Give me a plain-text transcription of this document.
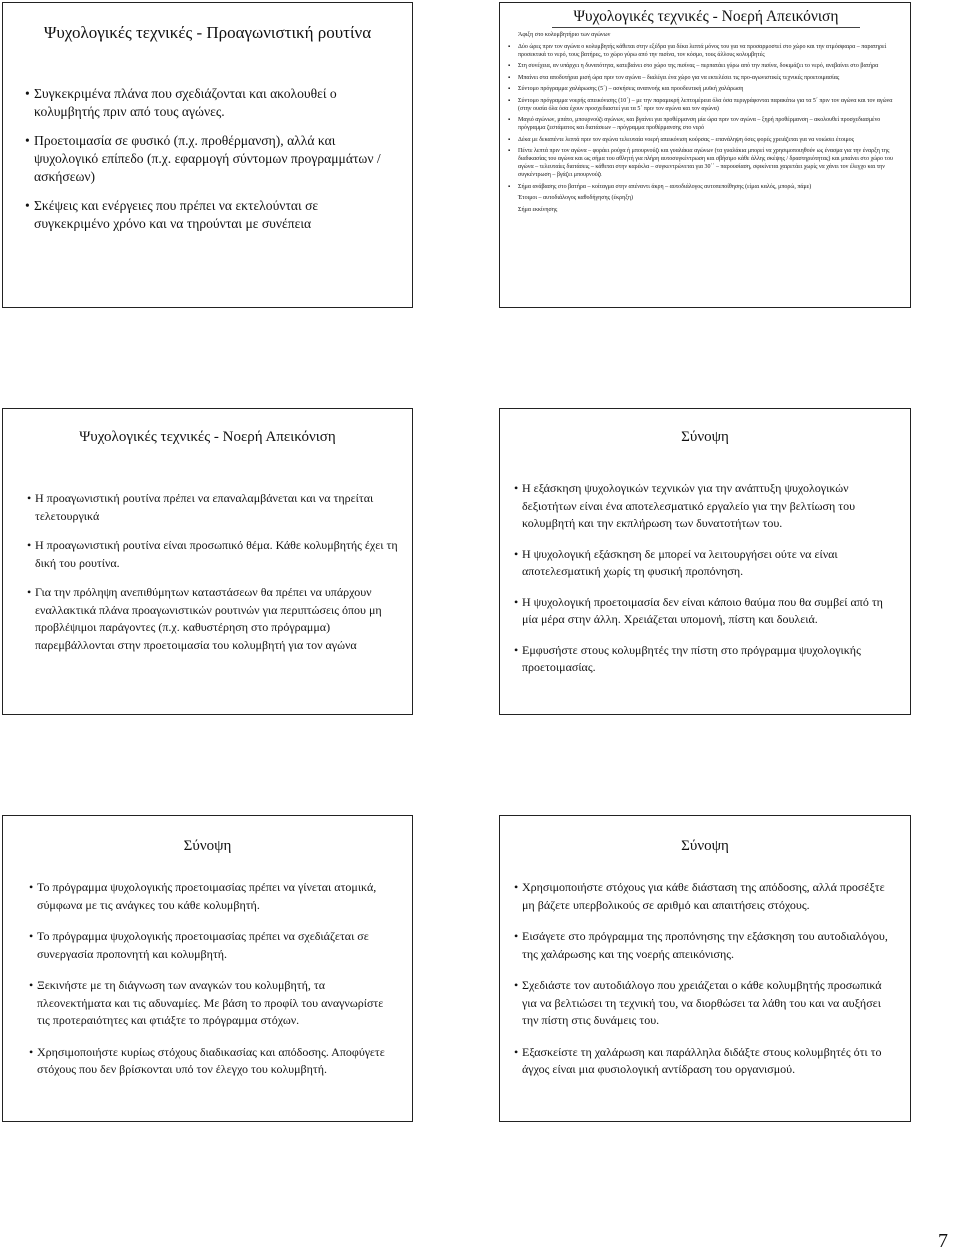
Ψυχολογικές τεχνικές - Προαγωνιστική ρουτίνα
• Συγκεκριμένα πλάνα που σχεδιάζονται και ακολουθεί ο κολυμβητής πριν από τους αγώνες.
• Προετοιμασία σε φυσικό (π.χ. προθέρμανση), αλλά και ψυχολογικό επίπεδο (π.χ. εφαρμογή σύντομων προγραμμάτων / ασκήσεων)
• Σκέψεις και ενέργειες που πρέπει να εκτελούνται σε συγκεκριμένο χρόνο και να τηρούνται με συνέπεια
Ψυχολογικές τεχνικές - Νοερή Απεικόνιση
Άφιξη στο κολυμβητήριο των αγώνων
▪ Δύο ώρες πριν τον αγώνα ο κολυμβητής κάθεται στην εξέδρα για δέκα λεπτά μόνος του για να προσαρμοστεί στο χώρο και την ατμόσφαιρα – παρατηρεί προσεκτικά το νερό, τους βατήρες, το χώρο γύρω από την πισίνα, τον κόσμο, τους άλλους κολυμβητές
▪ Στη συνέχεια, αν υπάρχει η δυνατότητα, κατεβαίνει στο χώρο της πισίνας – περπατάει γύρω από την πισίνα, δοκιμάζει το νερό, ανεβαίνει στο βατήρα
▪ Μπαίνει στα αποδυτήρια μισή ώρα πριν τον αγώνα – διαλέγει ένα χώρο για να εκτελέσει τις προ-αγωνιστικές τεχνικές προετοιμασίας
▪ Σύντομο πρόγραμμα χαλάρωσης (5΄) – ασκήσεις αναπνοής και προοδευτική μυϊκή χαλάρωση
▪ Σύντομο πρόγραμμα νοερής απεικόνισης (10΄) – με την παραμικρή λεπτομέρεια όλα όσα περιγράφονται παρακάτω για τα 5΄ πριν τον αγώνα και τον αγώνα (στην ουσία όλα όσα έχουν προσχεδιαστεί για τα 5΄ πριν τον αγώνα και τον αγώνα)
▪ Μαγιό αγώνων, μπάτο, μπουρνούζι αγώνων, και βγαίνει για προθέρμανση μία ώρα πριν τον αγώνα – ξηρή προθέρμανση – ακολουθεί προσχεδιασμένο πρόγραμμα ζεστάματος και διατάσεων – πρόγραμμα προθέρμανσης στο νερό
▪ Δέκα με δεκαπέντε λεπτά πριν τον αγώνα τελευταία νοερή απεικόνιση κούρσας – επανάληψη όσες φορές χρειάζεται για να νοιώσει έτοιμος
▪ Πέντε λεπτά πριν τον αγώνα – φοράει ρούχα ή μπουρνούζι και γυαλάκια αγώνων (τα γυαλάκια μπορεί να χρησιμοποιηθούν ως ένασμα για την έναρξη της διαδικασίας του αγώνα και ως σήμα του αθλητή για πλήρη αυτοσυγκέντρωση και σβήσιμο κάθε άλλης σκέψης / δραστηριότητας) και μπαίνει στο χώρο του αγώνα – τελευταίες διατάσεις – κάθεται στην καρέκλα – συγκεντρώνεται για 30΄΄ – παρουσίαση, σφικίνεται χαιρετάει χωρίς να χάνει τον έλεγχο και την συγκέντρωση – βγάζει μπουρνούζι
▪ Σήμα ανάβασης στο βατήρα – κοίταγμα στην απέναντι άκρη – αυτοδιάλογος αυτοπεποίθησης (είμαι καλός, μπορώ, πάμε)
Έτοιμοι – αυτοδιάλογος καθοδήγησης (έκρηξη)
Σήμα εκκίνησης
Ψυχολογικές τεχνικές - Νοερή Απεικόνιση
• Η προαγωνιστική ρουτίνα πρέπει να επαναλαμβάνεται και να τηρείται τελετουργικά
• Η προαγωνιστική ρουτίνα είναι προσωπικό θέμα. Κάθε κολυμβητής έχει τη δική του ρουτίνα.
• Για την πρόληψη ανεπιθύμητων καταστάσεων θα πρέπει να υπάρχουν εναλλακτικά πλάνα προαγωνιστικών ρουτινών για περιπτώσεις όπου μη προβλέψιμοι παράγοντες (π.χ. καθυστέρηση στο πρόγραμμα) παρεμβάλλονται στην προετοιμασία του κολυμβητή για τον αγώνα
Σύνοψη
• Η εξάσκηση ψυχολογικών τεχνικών για την ανάπτυξη ψυχολογικών δεξιοτήτων είναι ένα αποτελεσματικό εργαλείο για την βελτίωση του κολυμβητή και την εκπλήρωση των δυνατοτήτων του.
• Η ψυχολογική εξάσκηση δε μπορεί να λειτουργήσει ούτε να είναι αποτελεσματική χωρίς τη φυσική προπόνηση.
• Η ψυχολογική προετοιμασία δεν είναι κάποιο θαύμα που θα συμβεί από τη μία μέρα στην άλλη. Χρειάζεται υπομονή, πίστη και δουλειά.
• Εμφυσήστε στους κολυμβητές την πίστη στο πρόγραμμα ψυχολογικής προετοιμασίας.
Σύνοψη
• Το πρόγραμμα ψυχολογικής προετοιμασίας πρέπει να γίνεται ατομικά, σύμφωνα με τις ανάγκες του κάθε κολυμβητή.
• Το πρόγραμμα ψυχολογικής προετοιμασίας πρέπει να σχεδιάζεται σε συνεργασία προπονητή και κολυμβητή.
• Ξεκινήστε με τη διάγνωση των αναγκών του κολυμβητή, τα πλεονεκτήματα και τις αδυναμίες. Με βάση το προφίλ του αναγνωρίστε τις προτεραιότητες και φτιάξτε το πρόγραμμα στόχων.
• Χρησιμοποιήστε κυρίως στόχους διαδικασίας και απόδοσης. Αποφύγετε στόχους που δεν βρίσκονται υπό τον έλεγχο του κολυμβητή.
Σύνοψη
• Χρησιμοποιήστε στόχους για κάθε διάσταση της απόδοσης, αλλά προσέξτε μη βάζετε υπερβολικούς σε αριθμό και απαιτήσεις στόχους.
• Εισάγετε στο πρόγραμμα της προπόνησης την εξάσκηση του αυτοδιαλόγου, της χαλάρωσης και της νοερής απεικόνισης.
• Σχεδιάστε τον αυτοδιάλογο που χρειάζεται ο κάθε κολυμβητής προσωπικά για να βελτιώσει τη τεχνική του, να διορθώσει τα λάθη του και να αυξήσει την πίστη στις δυνάμεις του.
• Εξασκείστε τη χαλάρωση και παράλληλα διδάξτε στους κολυμβητές ότι το άγχος είναι μια φυσιολογική αντίδραση του οργανισμού.
7
